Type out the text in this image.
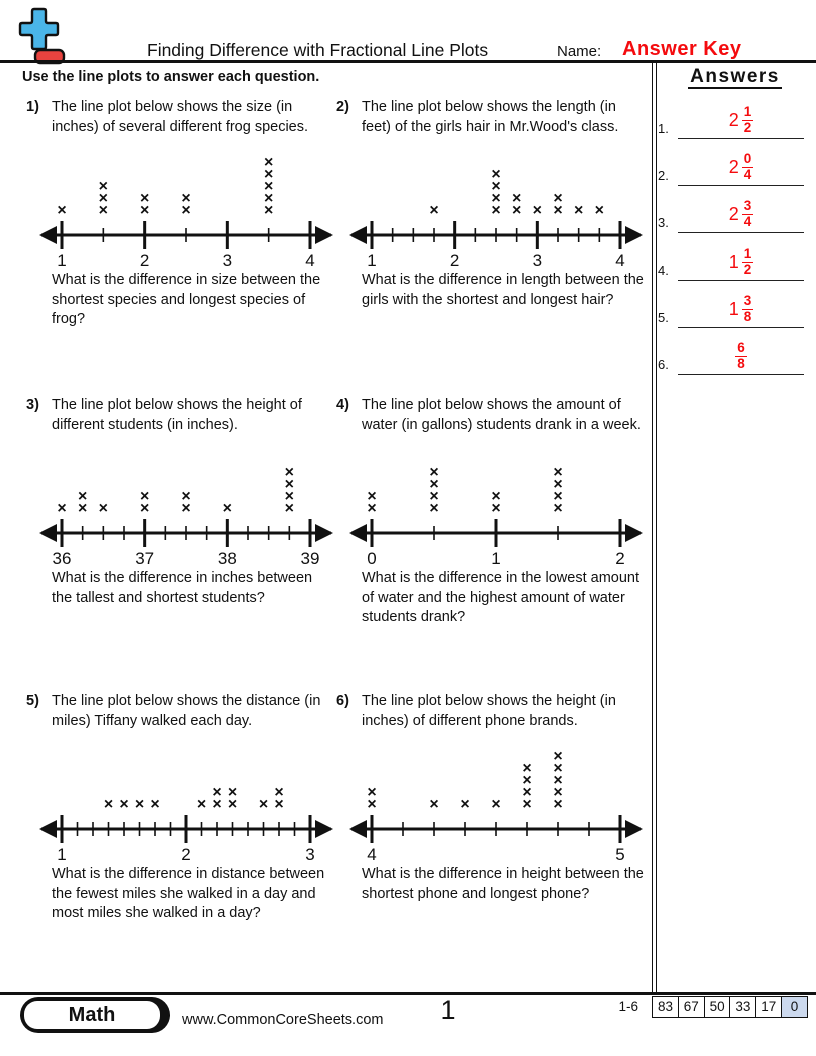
Finding Difference with Fractional Line Plots	Name: Answer Key
Use the line plots to answer each question.
1) The line plot below shows the size (in inches) of several different frog species.

1	2	3	4
× ×
×
×
×
×
×
×
×
×
×
×
×

What is the difference in size between the shortest species and longest species of frog?

2) The line plot below shows the length (in feet) of the girls hair in Mr.Wood's class.

1	2	3	4
×	×
×
×
×
×
×
× ×
×
× ×

What is the difference in length between the girls with the shortest and longest hair?

3) The line plot below shows the height of different students (in inches).

36	37	38	39
× ×
×
× ×
×
×
×
×	×
×
×
×

What is the difference in inches between the tallest and shortest students?

4) The line plot below shows the amount of water (in gallons) students drank in a week.

0	1	2
×
×
×
×
×
×
×
×
×
×
×
×

What is the difference in the lowest amount of water and the highest amount of water students drank?

5) The line plot below shows the distance (in miles) Tiffany walked each day.

1	2	3
× × × × × ×
×
×
×
× ×
×

What is the difference in distance between the fewest miles she walked in a day and most miles she walked in a day?

6) The line plot below shows the height (in inches) of different phone brands.

4	5
×
×
× × × ×
×
×
×
×
×
×
×
×

What is the difference in height between the shortest phone and longest phone?

Answers
1.	$2 \frac{1}{2}$
2.	$2 \frac{0}{4}$
3.	$2 \frac{3}{4}$
4.	$1 \frac{1}{2}$
5.	$1 \frac{3}{8}$
6.	$\frac{6}{8}$
Math	www.CommonCoreSheets.com	1	1-6	83 67 50 33 17	0
